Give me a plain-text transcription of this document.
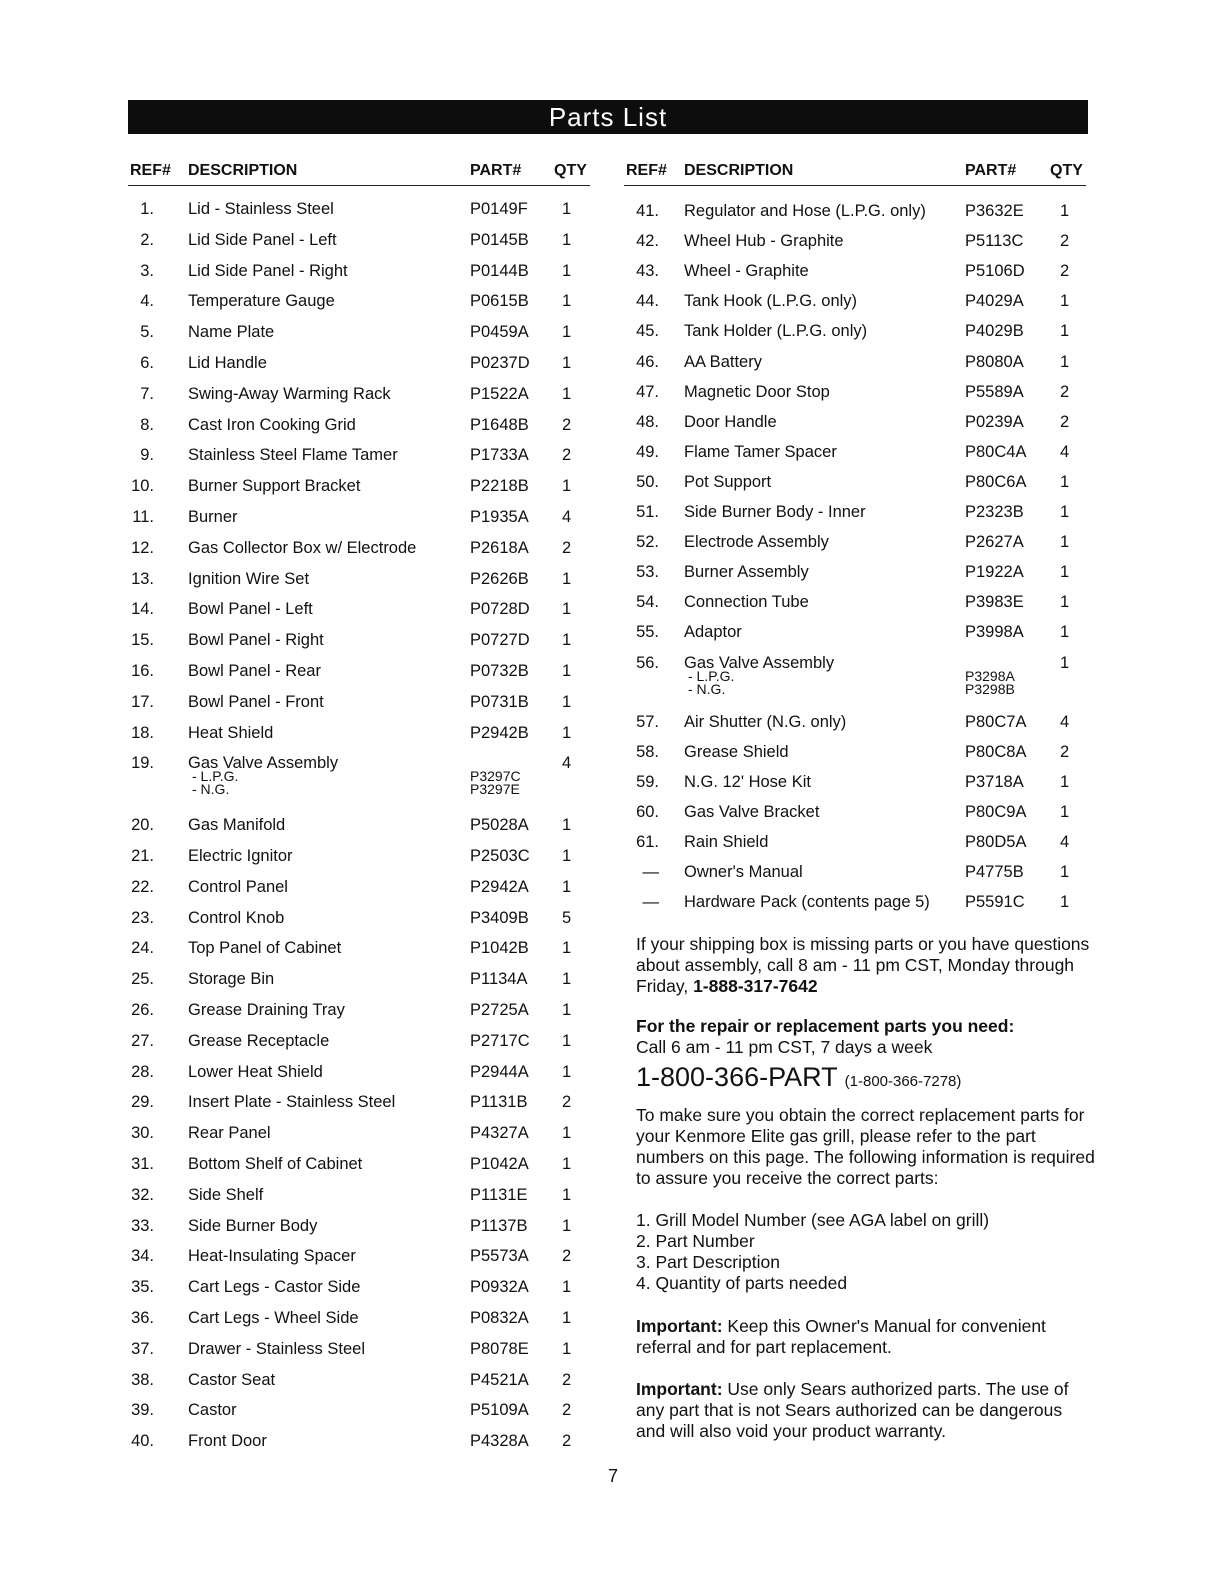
Parts List
REF# DESCRIPTION	PART# QTY REF# DESCRIPTION	PART# QTY
1. Lid - Stainless Steel	P0149F 1
2. Lid Side Panel - Left	P0145B 1
3. Lid Side Panel - Right	P0144B 1
4. Temperature Gauge	P0615B 1
5. Name Plate	P0459A 1
6. Lid Handle	P0237D 1
7. Swing-Away Warming Rack	P1522A 1
8. Cast Iron Cooking Grid	P1648B 2
9. Stainless Steel Flame Tamer	P1733A 2
10. Burner Support Bracket	P2218B 1
11. Burner	P1935A 4
12. Gas Collector Box w/ Electrode	P2618A 2
13. Ignition Wire Set	P2626B 1
14. Bowl Panel - Left	P0728D 1
15. Bowl Panel - Right	P0727D 1
16. Bowl Panel - Rear	P0732B 1
17. Bowl Panel - Front	P0731B 1
18. Heat Shield	P2942B 1
19. Gas Valve Assembly	4
- L.P.G.	P3297C
- N.G.	P3297E
20. Gas Manifold	P5028A 1
21. Electric Ignitor	P2503C 1
22. Control Panel	P2942A 1
23. Control Knob	P3409B 5
24. Top Panel of Cabinet	P1042B 1
25. Storage Bin	P1134A 1
26. Grease Draining Tray	P2725A 1
27. Grease Receptacle	P2717C 1
28. Lower Heat Shield	P2944A 1
29. Insert Plate - Stainless Steel	P1131B 2
30. Rear Panel	P4327A 1
31. Bottom Shelf of Cabinet	P1042A 1
32. Side Shelf	P1131E 1
33. Side Burner Body	P1137B 1
34. Heat-Insulating Spacer	P5573A 2
35. Cart Legs - Castor Side	P0932A 1
36. Cart Legs - Wheel Side	P0832A 1
37. Drawer - Stainless Steel	P8078E 1
38. Castor Seat	P4521A 2
39. Castor	P5109A 2
40. Front Door	P4328A 2
41. Regulator and Hose (L.P.G. only) P3632E 1
42. Wheel Hub - Graphite	P5113C 2
43. Wheel - Graphite	P5106D 2
44. Tank Hook (L.P.G. only)	P4029A 1
45. Tank Holder (L.P.G. only)	P4029B 1
46. AA Battery	P8080A 1
47. Magnetic Door Stop	P5589A 2
48. Door Handle	P0239A 2
49. Flame Tamer Spacer	P80C4A 4
50. Pot Support	P80C6A 1
51. Side Burner Body - Inner	P2323B 1
52. Electrode Assembly	P2627A 1
53. Burner Assembly	P1922A 1
54. Connection Tube	P3983E 1
55. Adaptor	P3998A 1
56. Gas Valve Assembly	1
- L.P.G.	P3298A
- N.G.	P3298B
57. Air Shutter (N.G. only)	P80C7A 4
58. Grease Shield	P80C8A 2
59. N.G. 12' Hose Kit	P3718A 1
60. Gas Valve Bracket	P80C9A 1
61. Rain Shield	P80D5A 4
— Owner's Manual	P4775B 1
— Hardware Pack (contents page 5) P5591C 1
If your shipping box is missing parts or you have questions about assembly, call 8 am - 11 pm CST, Monday through Friday, 1-888-317-7642
For the repair or replacement parts you need:
Call 6 am - 11 pm CST, 7 days a week
1-800-366-PART (1-800-366-7278)
To make sure you obtain the correct replacement parts for your Kenmore Elite gas grill, please refer to the part numbers on this page. The following information is required to assure you receive the correct parts:
1. Grill Model Number (see AGA label on grill)
2. Part Number
3. Part Description
4. Quantity of parts needed
Important: Keep this Owner's Manual for convenient referral and for part replacement.
Important: Use only Sears authorized parts. The use of any part that is not Sears authorized can be dangerous and will also void your product warranty.
7
